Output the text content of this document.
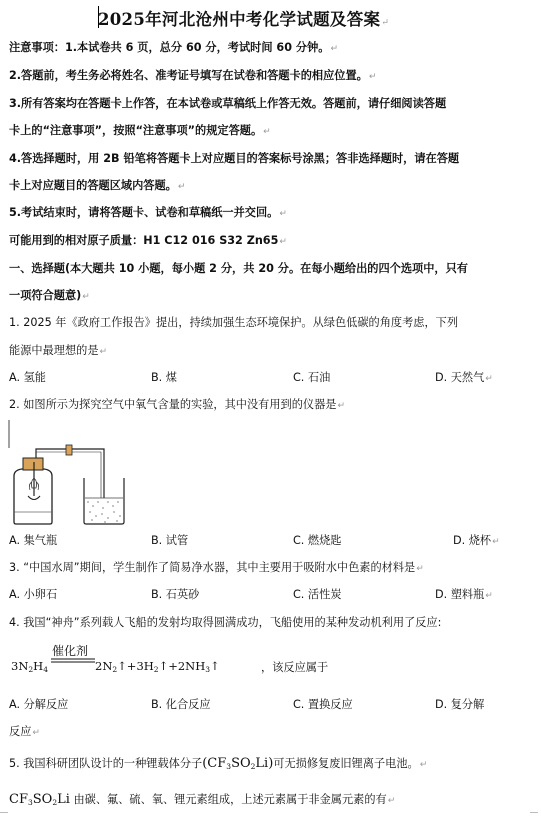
2025年河北沧州中考化学试题及答案↵
注意事项：1.本试卷共 6 页，总分 60 分，考试时间 60 分钟。↵
2.答题前，考生务必将姓名、准考证号填写在试卷和答题卡的相应位置。↵
3.所有答案均在答题卡上作答，在本试卷或草稿纸上作答无效。答题前，请仔细阅读答题
卡上的“注意事项”，按照“注意事项”的规定答题。↵
4.答选择题时，用 2B 铅笔将答题卡上对应题目的答案标号涂黑；答非选择题时，请在答题
卡上对应题目的答题区域内答题。↵
5.考试结束时，请将答题卡、试卷和草稿纸一并交回。↵
可能用到的相对原子质量：H1 C12 016 S32 Zn65↵
一、选择题(本大题共 10 小题，每小题 2 分，共 20 分。在每小题给出的四个选项中，只有
一项符合题意)↵
1. 2025 年《政府工作报告》提出，持续加强生态环境保护。从绿色低碳的角度考虑，下列
能源中最理想的是↵
A. 氢能	B. 煤	C. 石油	D. 天然气↵
2. 如图所示为探究空气中氧气含量的实验，其中没有用到的仪器是↵
A. 集气瓶	B. 试管	C. 燃烧匙	D. 烧杯↵
3. “中国水周”期间，学生制作了简易净水器，其中主要用于吸附水中色素的材料是↵
A. 小卵石	B. 石英砂	C. 活性炭	D. 塑料瓶↵
4. 我国“神舟”系列载人飞船的发射均取得圆满成功，飞船使用的某种发动机利用了反应:
$3N_2H_4$
催化剂
$2N_2↑+3H_2↑+2NH_3↑$	，该反应属于
A. 分解反应	B. 化合反应	C. 置换反应	D. 复分解
反应↵
5. 我国科研团队设计的一种锂载体分子$(CF_3SO_2Li)$可无损修复废旧锂离子电池。↵
$CF_3SO_2Li$ 由碳、氟、硫、氧、锂元素组成，上述元素属于非金属元素的有↵
